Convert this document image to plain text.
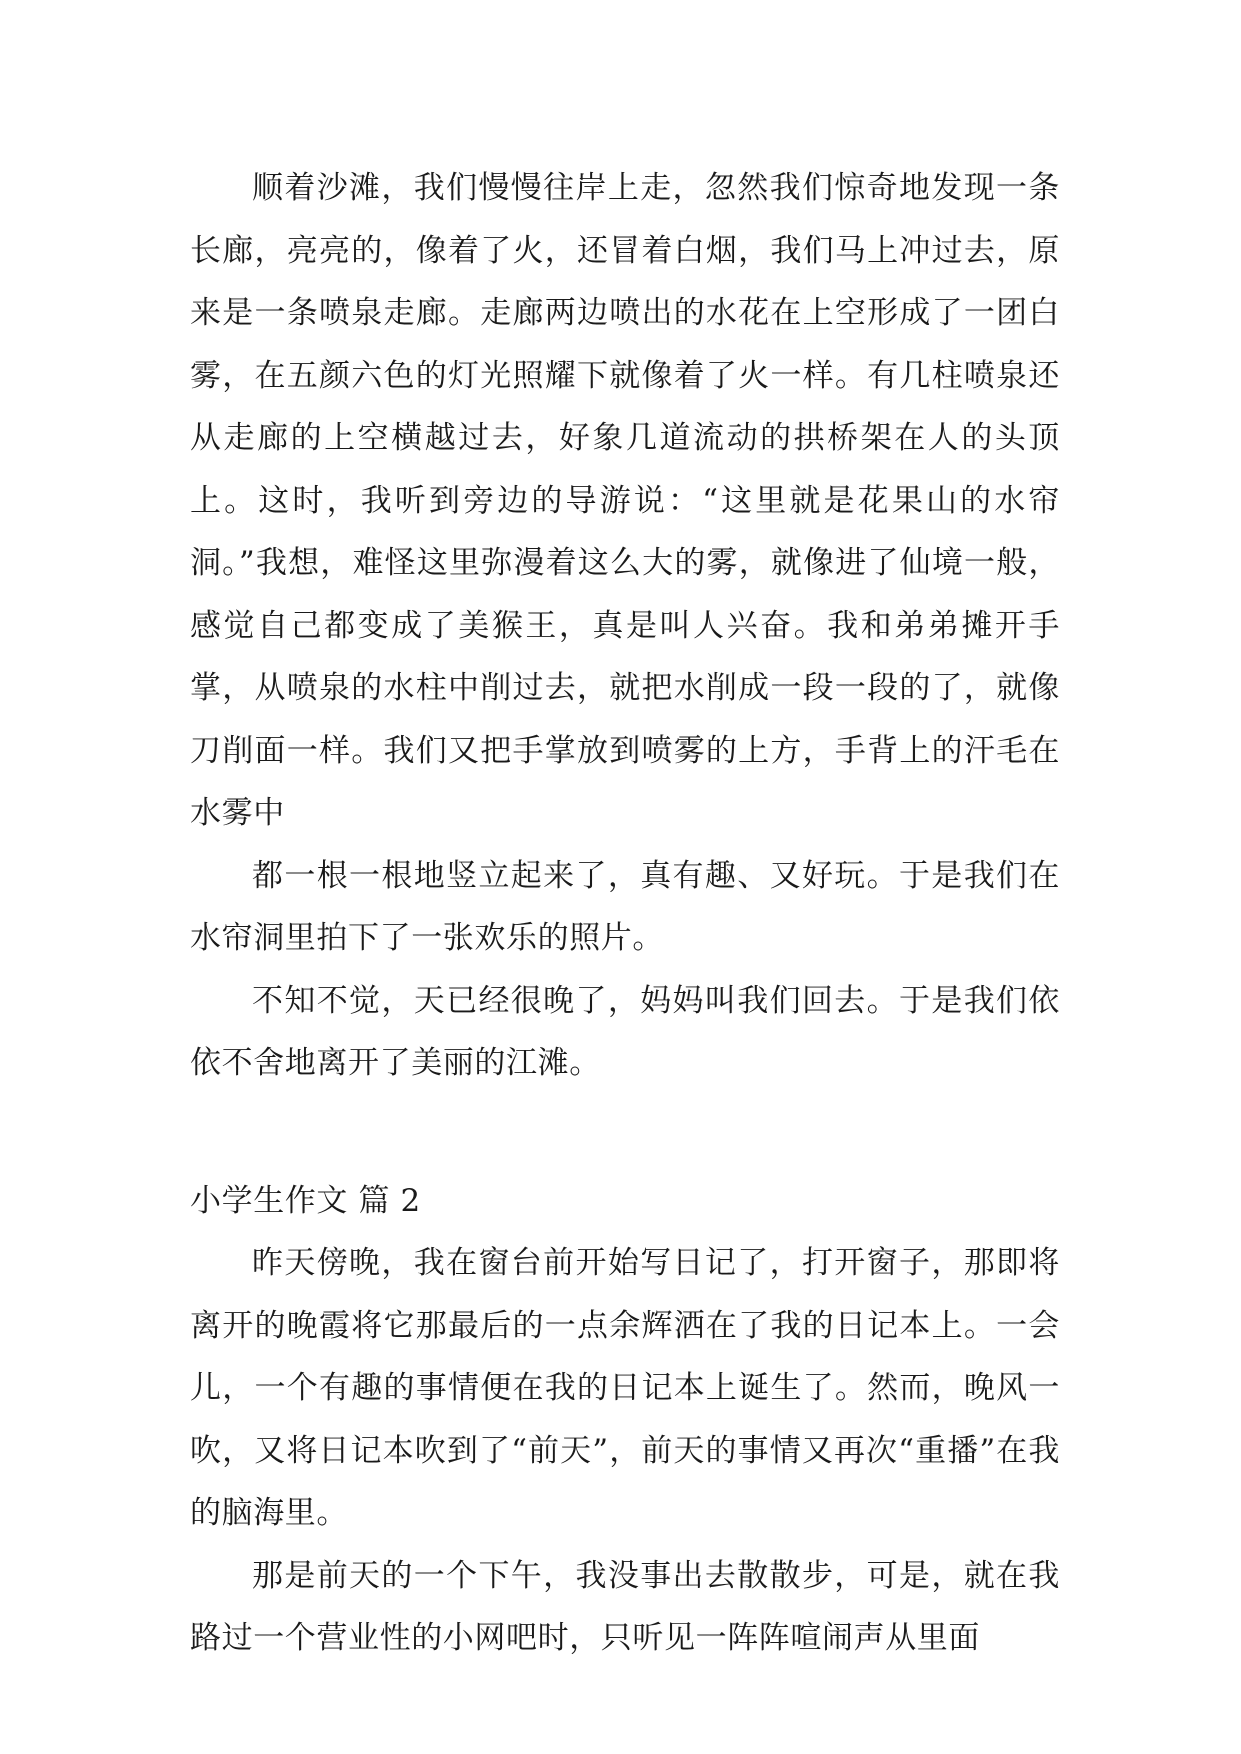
顺着沙滩，我们慢慢往岸上走，忽然我们惊奇地发现一条长廊，亮亮的，像着了火，还冒着白烟，我们马上冲过去，原来是一条喷泉走廊。走廊两边喷出的水花在上空形成了一团白雾，在五颜六色的灯光照耀下就像着了火一样。有几柱喷泉还从走廊的上空横越过去，好象几道流动的拱桥架在人的头顶上。这时，我听到旁边的导游说：“这里就是花果山的水帘洞。”我想，难怪这里弥漫着这么大的雾，就像进了仙境一般，感觉自己都变成了美猴王，真是叫人兴奋。我和弟弟摊开手掌，从喷泉的水柱中削过去，就把水削成一段一段的了，就像刀削面一样。我们又把手掌放到喷雾的上方，手背上的汗毛在水雾中

都一根一根地竖立起来了，真有趣、又好玩。于是我们在水帘洞里拍下了一张欢乐的照片。

不知不觉，天已经很晚了，妈妈叫我们回去。于是我们依依不舍地离开了美丽的江滩。

小学生作文 篇 2

昨天傍晚，我在窗台前开始写日记了，打开窗子，那即将离开的晚霞将它那最后的一点余辉洒在了我的日记本上。一会儿，一个有趣的事情便在我的日记本上诞生了。然而，晚风一吹，又将日记本吹到了“前天”，前天的事情又再次“重播”在我的脑海里。

那是前天的一个下午，我没事出去散散步，可是，就在我路过一个营业性的小网吧时，只听见一阵阵喧闹声从里面
